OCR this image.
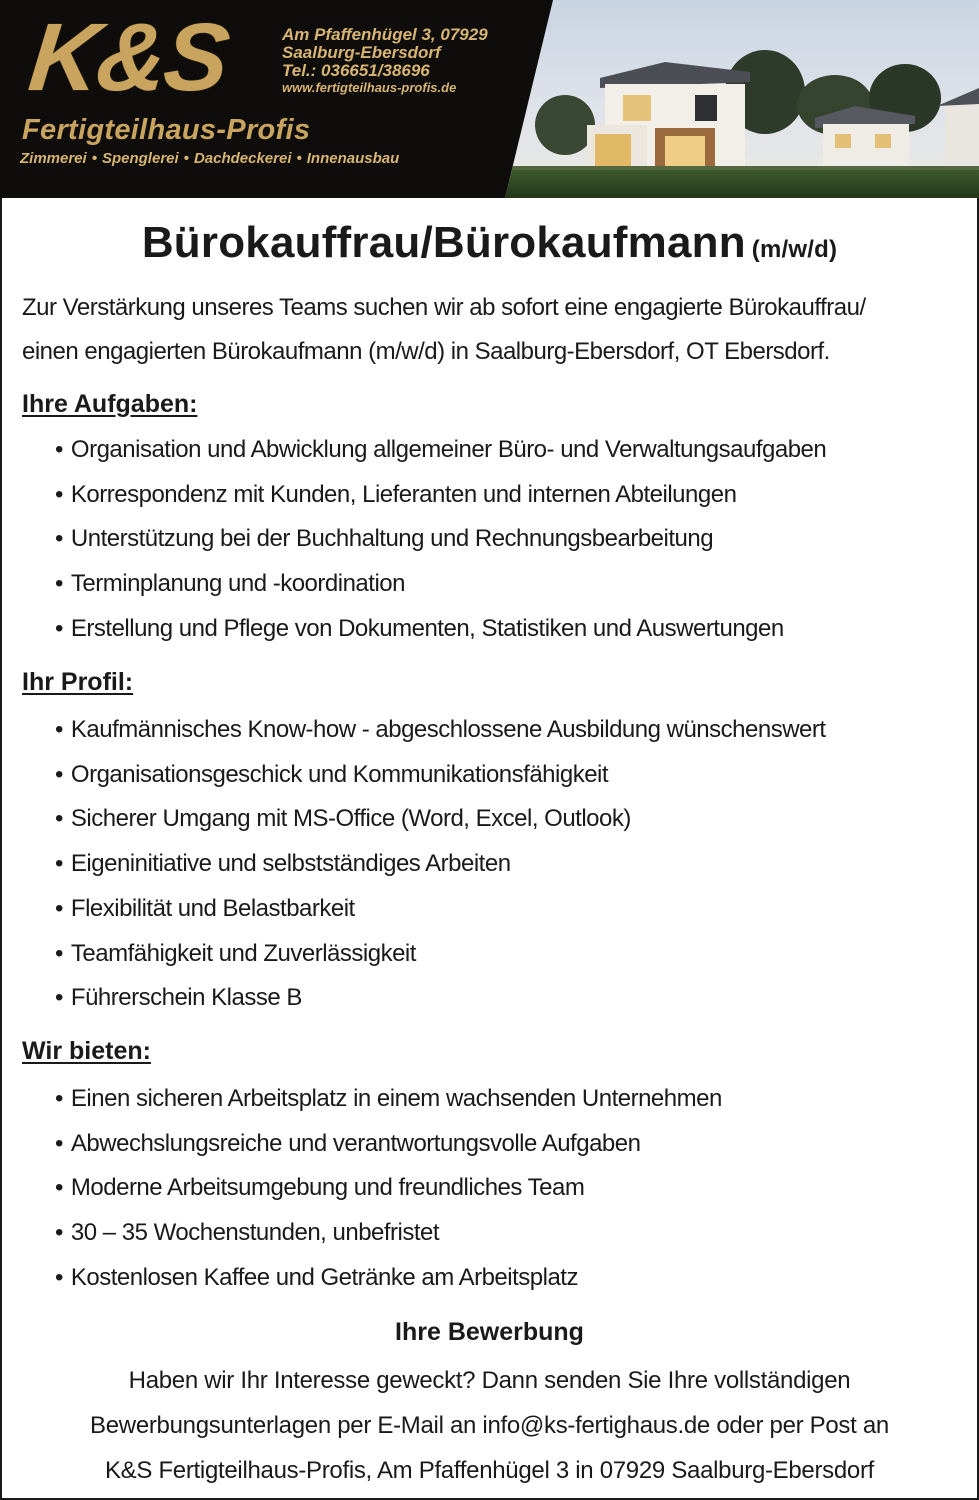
K&S	Am Pfaffenhügel 3, 07929
Saalburg-Ebersdorf
Tel.: 036651/38696
www.fertigteilhaus-profis.de
Fertigteilhaus-Profis
Zimmerei • Spenglerei • Dachdeckerei • Innenausbau
Bürokauffrau/Bürokaufmann (m/w/d)
Zur Verstärkung unseres Teams suchen wir ab sofort eine engagierte Bürokauffrau/
einen engagierten Bürokaufmann (m/w/d) in Saalburg-Ebersdorf, OT Ebersdorf.
Ihre Aufgaben:
• Organisation und Abwicklung allgemeiner Büro- und Verwaltungsaufgaben
• Korrespondenz mit Kunden, Lieferanten und internen Abteilungen
• Unterstützung bei der Buchhaltung und Rechnungsbearbeitung
• Terminplanung und -koordination
• Erstellung und Pflege von Dokumenten, Statistiken und Auswertungen
Ihr Profil:
• Kaufmännisches Know-how - abgeschlossene Ausbildung wünschenswert
• Organisationsgeschick und Kommunikationsfähigkeit
• Sicherer Umgang mit MS-Office (Word, Excel, Outlook)
• Eigeninitiative und selbstständiges Arbeiten
• Flexibilität und Belastbarkeit
• Teamfähigkeit und Zuverlässigkeit
• Führerschein Klasse B
Wir bieten:
• Einen sicheren Arbeitsplatz in einem wachsenden Unternehmen
• Abwechslungsreiche und verantwortungsvolle Aufgaben
• Moderne Arbeitsumgebung und freundliches Team
• 30 – 35 Wochenstunden, unbefristet
• Kostenlosen Kaffee und Getränke am Arbeitsplatz
Ihre Bewerbung
Haben wir Ihr Interesse geweckt? Dann senden Sie Ihre vollständigen
Bewerbungsunterlagen per E-Mail an info@ks-fertighaus.de oder per Post an
K&S Fertigteilhaus-Profis, Am Pfaffenhügel 3 in 07929 Saalburg-Ebersdorf
